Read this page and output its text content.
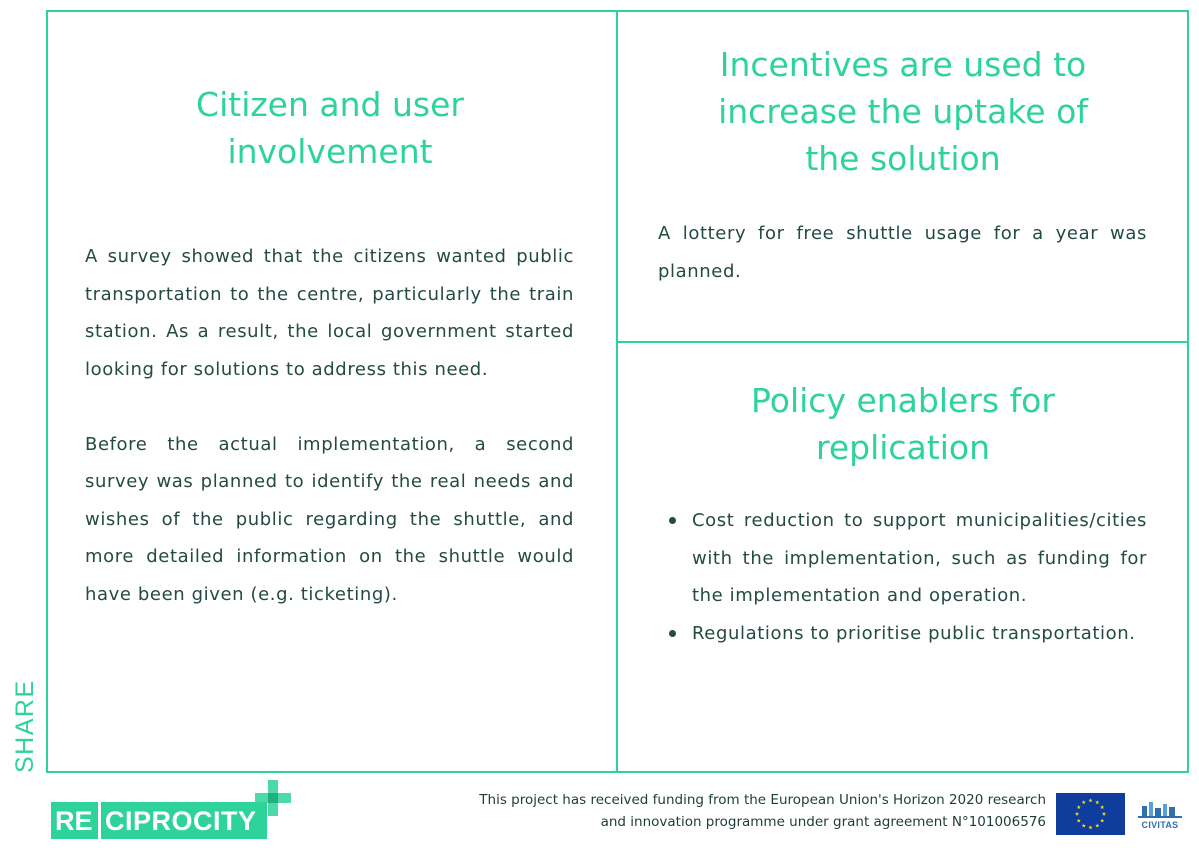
Citizen and user
involvement

A survey showed that the citizens wanted public transportation to the centre, particularly the train station. As a result, the local government started looking for solutions to address this need.

Before the actual implementation, a second survey was planned to identify the real needs and wishes of the public regarding the shuttle, and more detailed information on the shuttle would have been given (e.g. ticketing).

Incentives are used to
increase the uptake of
the solution

A lottery for free shuttle usage for a year was planned.

Policy enablers for
replication
Cost reduction to support municipalities/cities with the implementation, such as funding for the implementation and operation.
Regulations to prioritise public transportation.
SHARE
RE CIPROCITY
This project has received funding from the European Union's Horizon 2020 research
and innovation programme under grant agreement N°101006576	CIVITAS
